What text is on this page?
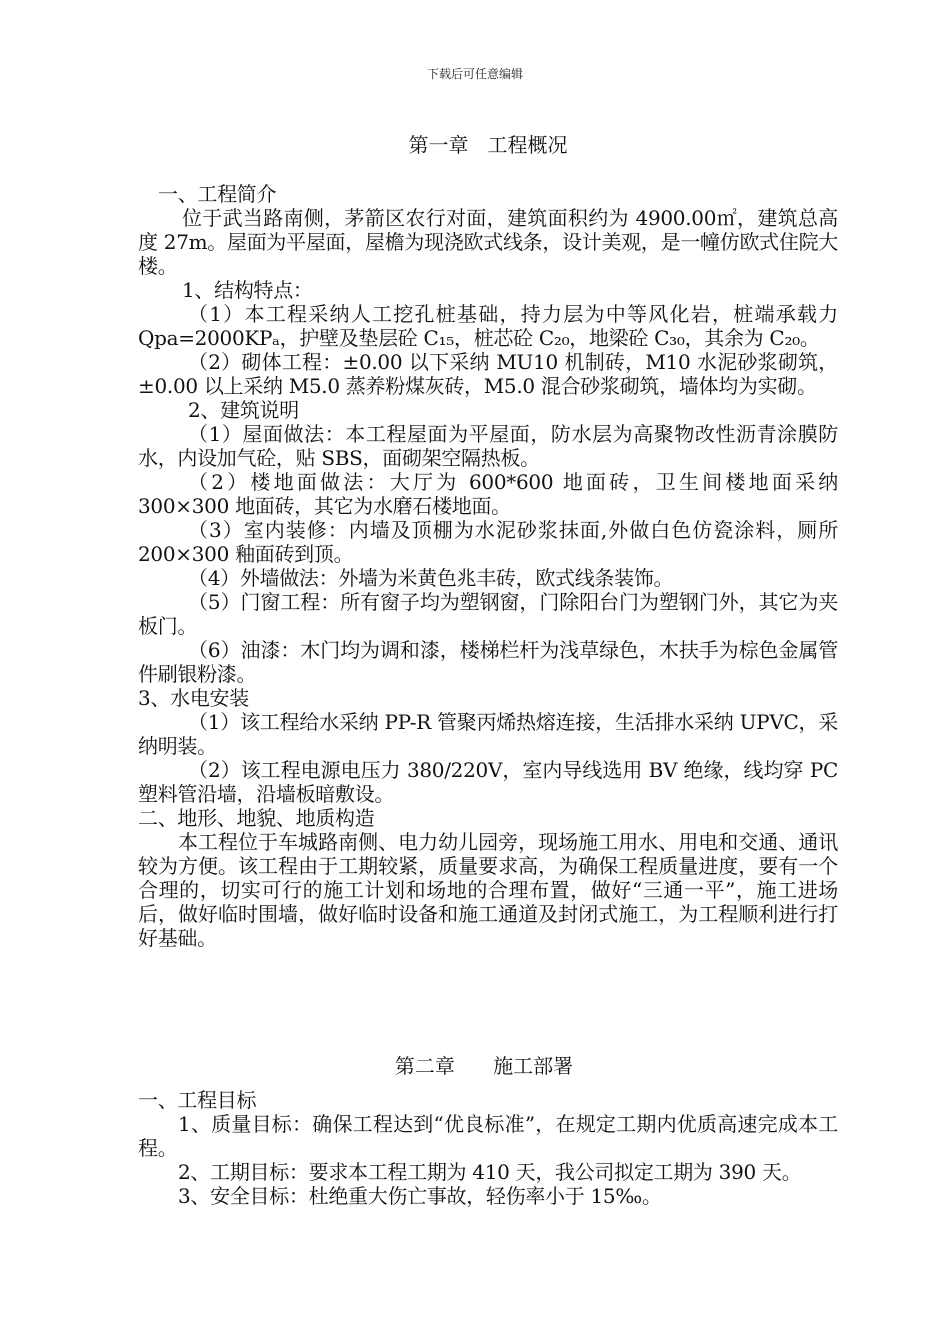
下载后可任意编辑
第一章   工程概况

一、工程简介

位于武当路南侧，茅箭区农行对面，建筑面积约为 4900.00㎡，建筑总高度 27m。屋面为平屋面，屋檐为现浇欧式线条，设计美观，是一幢仿欧式住院大楼。

1、结构特点：

（1）本工程采纳人工挖孔桩基础，持力层为中等风化岩，桩端承载力 Qpa=2000KPₐ，护壁及垫层砼 C₁₅，桩芯砼 C₂₀，地梁砼 C₃₀，其余为 C₂₀。

（2）砌体工程：±0.00 以下采纳 MU10 机制砖，M10 水泥砂浆砌筑，±0.00 以上采纳 M5.0 蒸养粉煤灰砖，M5.0 混合砂浆砌筑，墙体均为实砌。

2、建筑说明

（1）屋面做法：本工程屋面为平屋面，防水层为高聚物改性沥青涂膜防水，内设加气砼，贴 SBS，面砌架空隔热板。

（2）楼地面做法：大厅为 600*600 地面砖，卫生间楼地面采纳 300×300 地面砖，其它为水磨石楼地面。

（3）室内装修：内墙及顶棚为水泥砂浆抹面,外做白色仿瓷涂料，厕所 200×300 釉面砖到顶。

（4）外墙做法：外墙为米黄色兆丰砖，欧式线条装饰。

（5）门窗工程：所有窗子均为塑钢窗，门除阳台门为塑钢门外，其它为夹板门。

（6）油漆：木门均为调和漆，楼梯栏杆为浅草绿色，木扶手为棕色金属管件刷银粉漆。

3、水电安装

（1）该工程给水采纳 PP-R 管聚丙烯热熔连接，生活排水采纳 UPVC，采纳明装。

（2）该工程电源电压力 380/220V，室内导线选用 BV 绝缘，线均穿 PC 塑料管沿墙，沿墙板暗敷设。

二、地形、地貌、地质构造

本工程位于车城路南侧、电力幼儿园旁，现场施工用水、用电和交通、通讯较为方便。该工程由于工期较紧，质量要求高，为确保工程质量进度，要有一个合理的，切实可行的施工计划和场地的合理布置，做好“三通一平”，施工进场后，做好临时围墙，做好临时设备和施工通道及封闭式施工，为工程顺利进行打好基础。

第二章      施工部署

一、工程目标

1、质量目标：确保工程达到“优良标准”，在规定工期内优质高速完成本工程。

2、工期目标：要求本工程工期为 410 天，我公司拟定工期为 390 天。

3、安全目标：杜绝重大伤亡事故，轻伤率小于 15‰。
